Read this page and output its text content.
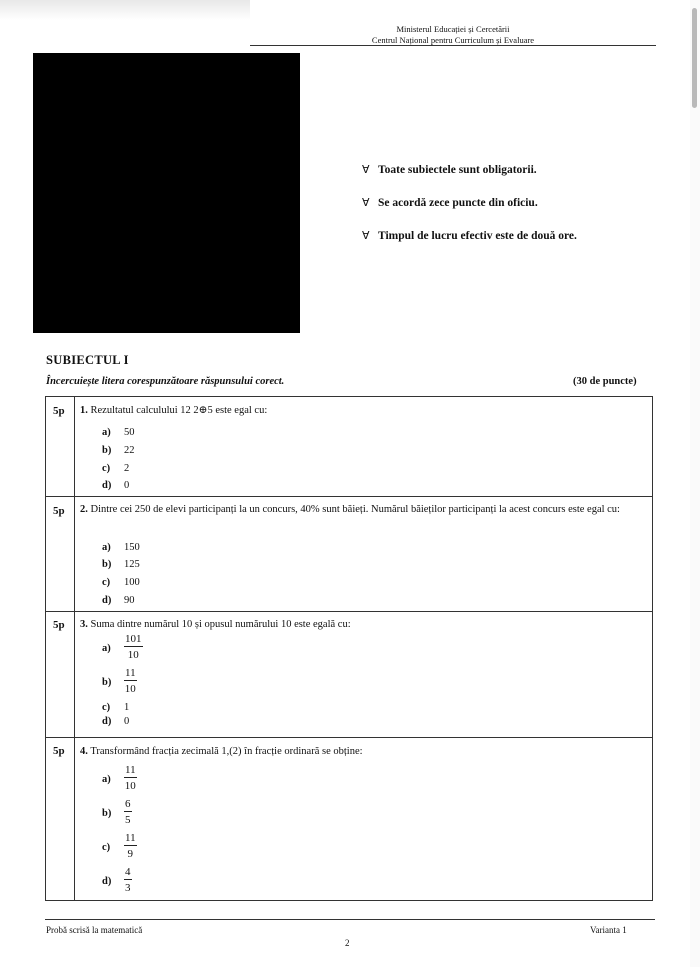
Ministerul Educației și Cercetării
Centrul Național pentru Curriculum și Evaluare
∀ Toate subiectele sunt obligatorii.
∀ Se acordă zece puncte din oficiu.
∀ Timpul de lucru efectiv este de două ore.
SUBIECTUL I
Încercuiește litera corespunzătoare răspunsului corect.	(30 de puncte)
5p 1. Rezultatul calculului 12 2⊕5 este egal cu:
a) 50
b) 22
c) 2
d) 0
5p 2. Dintre cei 250 de elevi participanți la un concurs, 40% sunt băieți. Numărul băieților participanți la acest concurs este egal cu:
a) 150
b) 125
c) 100
d) 90
5p 3. Suma dintre numărul 10 și opusul numărului 10 este egală cu:
a)
101
10
b)
11
10
c) 1
d) 0
5p 4. Transformând fracția zecimală 1,(2) în fracție ordinară se obține:
a)
11
10
b)
6
5
c)
11
9
d)
4
3
Probă scrisă la matematică	Varianta 1
2
